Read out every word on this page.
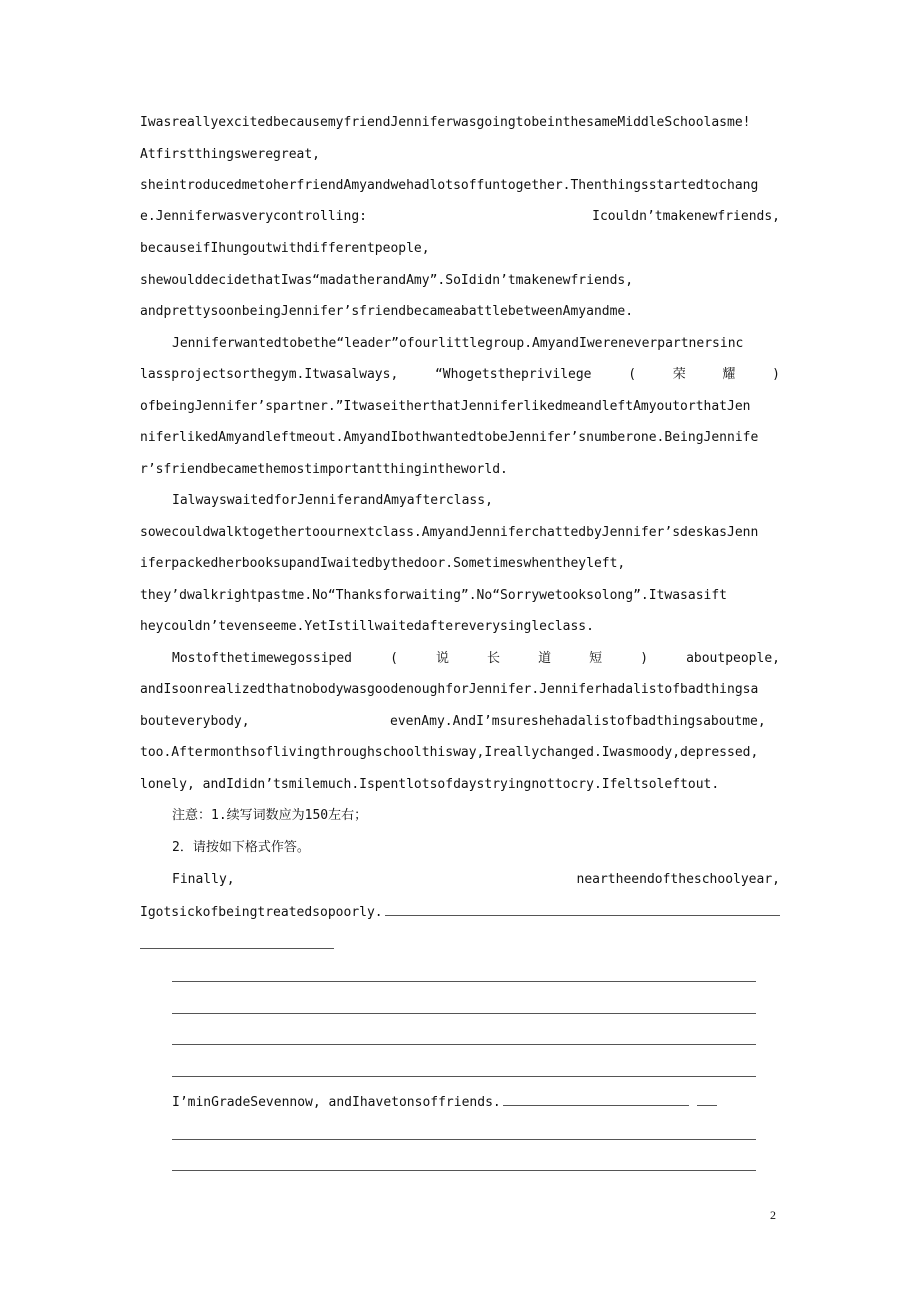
IwasreallyexcitedbecausemyfriendJenniferwasgoingtobeinthesameMiddleSchoolasme!
Atfirstthingsweregreat,
sheintroducedmetoherfriendAmyandwehadlotsoffuntogether.Thenthingsstartedtochang
e.Jenniferwasverycontrolling:	Icouldn’tmakenewfriends,
becauseifIhungoutwithdifferentpeople,
shewoulddecidethatIwas“madatherandAmy”.SoIdidn’tmakenewfriends,
andprettysoonbeingJennifer’sfriendbecameabattlebetweenAmyandme.
Jenniferwantedtobethe“leader”ofourlittlegroup.AmyandIwereneverpartnersinc
lassprojectsorthegym.Itwasalways,	“Whogetstheprivilege	(	荣	耀	)
ofbeingJennifer’spartner.”ItwaseitherthatJenniferlikedmeandleftAmyoutorthatJen
niferlikedAmyandleftmeout.AmyandIbothwantedtobeJennifer’snumberone.BeingJennife
r’sfriendbecamethemostimportantthingintheworld.
IalwayswaitedforJenniferandAmyafterclass,
sowecouldwalktogethertoournextclass.AmyandJenniferchattedbyJennifer’sdeskasJenn
iferpackedherbooksupandIwaitedbythedoor.Sometimeswhentheyleft,
they’dwalkrightpastme.No“Thanksforwaiting”.No“Sorrywetooksolong”.Itwasasift
heycouldn’tevenseeme.YetIstillwaitedaftereverysingleclass.
Mostofthetimewegossiped	(	说	长	道	短	)	aboutpeople,
andIsoonrealizedthatnobodywasgoodenoughforJennifer.Jenniferhadalistofbadthingsa
bouteverybody,	evenAmy.AndI’msureshehadalistofbadthingsaboutme,
too.Aftermonthsoflivingthroughschoolthisway,Ireallychanged.Iwasmoody,depressed,
lonely, andIdidn’tsmilemuch.Ispentlotsofdaystryingnottocry.Ifeltsoleftout.
注意：1.续写词数应为150左右；
2．请按如下格式作答。
Finally,	neartheendoftheschoolyear,
Igotsickofbeingtreatedsopoorly.
I’minGradeSevennow, andIhavetonsoffriends.
2
